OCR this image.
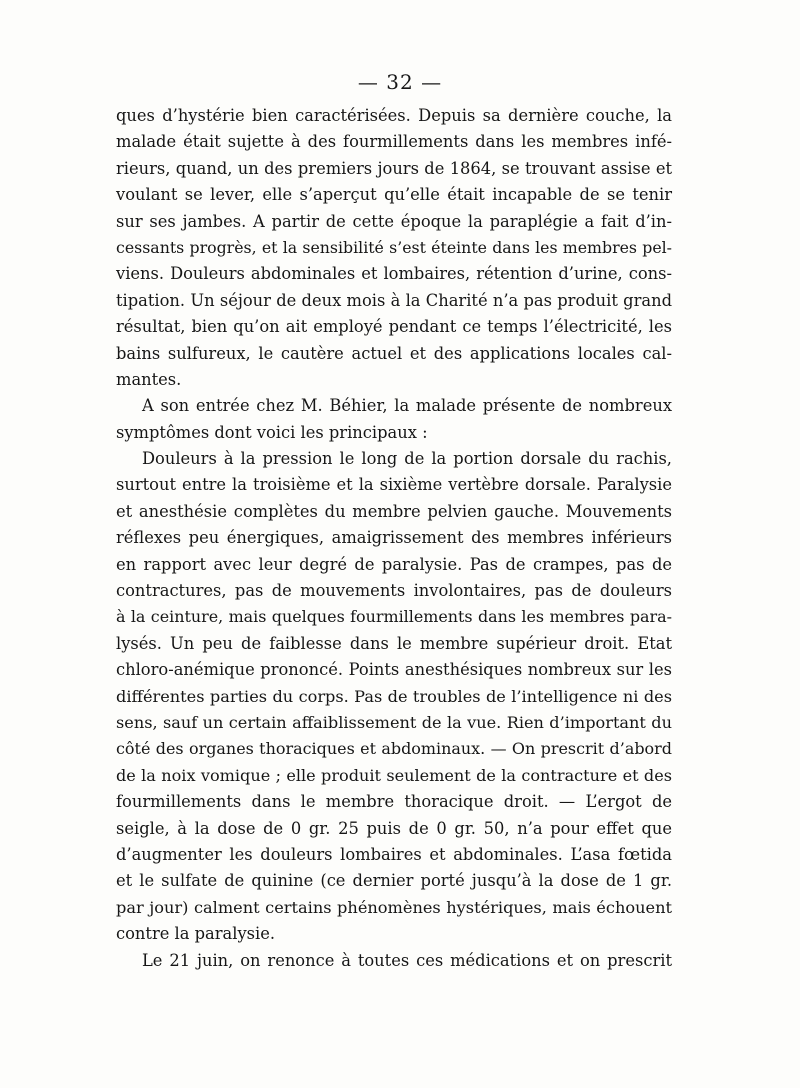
— 32 —
ques d’hystérie bien caractérisées. Depuis sa dernière couche, la
malade était sujette à des fourmillements dans les membres infé-
rieurs, quand, un des premiers jours de 1864, se trouvant assise et
voulant se lever, elle s’aperçut qu’elle était incapable de se tenir
sur ses jambes. A partir de cette époque la paraplégie a fait d’in-
cessants progrès, et la sensibilité s’est éteinte dans les membres pel-
viens. Douleurs abdominales et lombaires, rétention d’urine, cons-
tipation. Un séjour de deux mois à la Charité n’a pas produit grand
résultat, bien qu’on ait employé pendant ce temps l’électricité, les
bains sulfureux, le cautère actuel et des applications locales cal-
mantes.
A son entrée chez M. Béhier, la malade présente de nombreux
symptômes dont voici les principaux :
Douleurs à la pression le long de la portion dorsale du rachis,
surtout entre la troisième et la sixième vertèbre dorsale. Paralysie
et anesthésie complètes du membre pelvien gauche. Mouvements
réflexes peu énergiques, amaigrissement des membres inférieurs
en rapport avec leur degré de paralysie. Pas de crampes, pas de
contractures, pas de mouvements involontaires, pas de douleurs
à la ceinture, mais quelques fourmillements dans les membres para-
lysés. Un peu de faiblesse dans le membre supérieur droit. Etat
chloro-anémique prononcé. Points anesthésiques nombreux sur les
différentes parties du corps. Pas de troubles de l’intelligence ni des
sens, sauf un certain affaiblissement de la vue. Rien d’important du
côté des organes thoraciques et abdominaux. — On prescrit d’abord
de la noix vomique ; elle produit seulement de la contracture et des
fourmillements dans le membre thoracique droit. — L’ergot de
seigle, à la dose de 0 gr. 25 puis de 0 gr. 50, n’a pour effet que
d’augmenter les douleurs lombaires et abdominales. L’asa fœtida
et le sulfate de quinine (ce dernier porté jusqu’à la dose de 1 gr.
par jour) calment certains phénomènes hystériques, mais échouent
contre la paralysie.
Le 21 juin, on renonce à toutes ces médications et on prescrit
